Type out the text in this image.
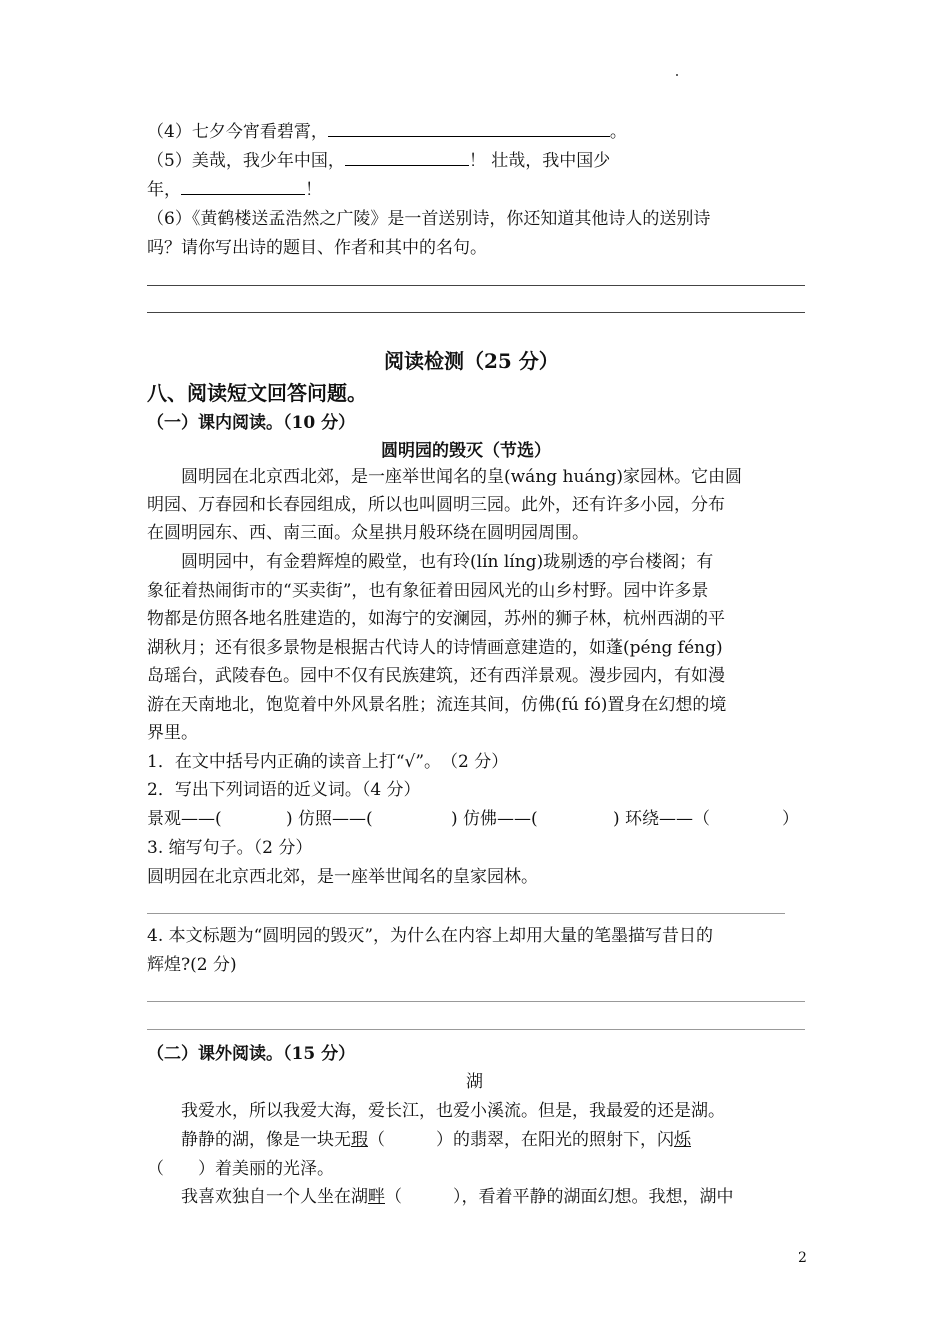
（4）七夕今宵看碧霄，	。
（5）美哉，我少年中国，	！ 壮哉，我中国少
年，	！
（6）《黄鹤楼送孟浩然之广陵》是一首送别诗，你还知道其他诗人的送别诗
吗？请你写出诗的题目、作者和其中的名句。
阅读检测（25 分）
八、阅读短文回答问题。
（一）课内阅读。（10 分）
圆明园的毁灭（节选）
圆明园在北京西北郊，是一座举世闻名的皇(wáng huáng)家园林。它由圆
明园、万春园和长春园组成，所以也叫圆明三园。此外，还有许多小园，分布
在圆明园东、西、南三面。众星拱月般环绕在圆明园周围。
圆明园中，有金碧辉煌的殿堂，也有玲(lín líng)珑剔透的亭台楼阁；有
象征着热闹街市的“买卖街”，也有象征着田园风光的山乡村野。园中许多景
物都是仿照各地名胜建造的，如海宁的安澜园，苏州的狮子林，杭州西湖的平
湖秋月；还有很多景物是根据古代诗人的诗情画意建造的，如蓬(péng féng)
岛瑶台，武陵春色。园中不仅有民族建筑，还有西洋景观。漫步园内，有如漫
游在天南地北，饱览着中外风景名胜；流连其间，仿佛(fú fó)置身在幻想的境
界里。
1．在文中括号内正确的读音上打“√”。　（2 分）
2．写出下列词语的近义词。（4 分）
景观——(	) 仿照——(	) 仿佛——(	) 环绕——（	）
3. 缩写句子。（2 分）
圆明园在北京西北郊，是一座举世闻名的皇家园林。
4. 本文标题为“圆明园的毁灭”，为什么在内容上却用大量的笔墨描写昔日的
辉煌?(2 分)
（二）课外阅读。（15 分）
湖
我爱水，所以我爱大海，爱长江，也爱小溪流。但是，我最爱的还是湖。
静静的湖，像是一块无瑕（　　　）的翡翠，在阳光的照射下，闪烁
（　　）着美丽的光泽。
我喜欢独自一个人坐在湖畔（　　　），看着平静的湖面幻想。我想，湖中
2
